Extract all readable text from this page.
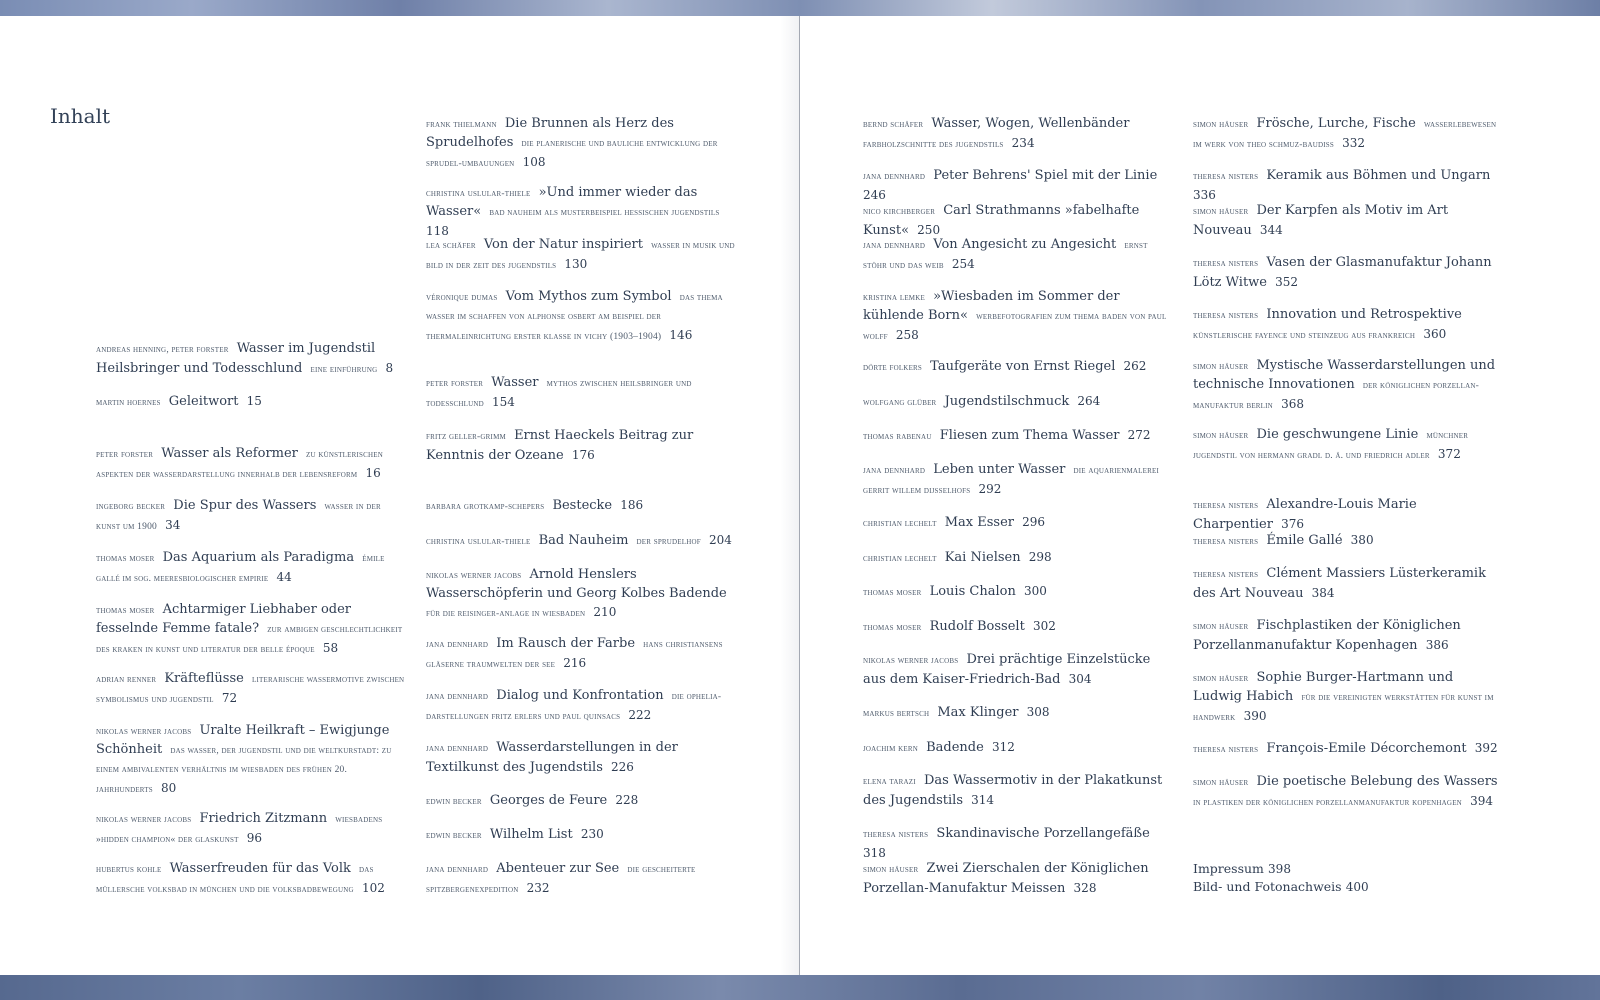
Inhalt
andreas henning, peter forster Wasser im Jugendstil Heilsbringer und Todesschlund eine einführung 8
martin hoernes Geleitwort 15
peter forster Wasser als Reformer zu künstlerischen aspekten der wasserdarstellung innerhalb der lebensreform 16
ingeborg becker Die Spur des Wassers wasser in der kunst um 1900 34
thomas moser Das Aquarium als Paradigma émile gallé im sog. meeresbiologischer empirie 44
thomas moser Achtarmiger Liebhaber oder fesselnde Femme fatale? zur ambigen geschlechtlichkeit des kraken in kunst und literatur der belle époque 58
adrian renner Kräfteflüsse literarische wassermotive zwischen symbolismus und jugendstil 72
nikolas werner jacobs Uralte Heilkraft – Ewigjunge Schönheit das wasser, der jugendstil und die weltkurstadt: zu einem ambivalenten verhältnis im wiesbaden des frühen 20. jahrhunderts 80
nikolas werner jacobs Friedrich Zitzmann wiesbadens »hidden champion« der glaskunst 96
hubertus kohle Wasserfreuden für das Volk das müllersche volksbad in münchen und die volksbadbewegung 102
frank thielmann Die Brunnen als Herz des Sprudelhofes die planerische und bauliche entwicklung der sprudel-umbauungen 108
christina uslular-thiele »Und immer wieder das Wasser« bad nauheim als musterbeispiel hessischen jugendstils 118
lea schäfer Von der Natur inspiriert wasser in musik und bild in der zeit des jugendstils 130
véronique dumas Vom Mythos zum Symbol das thema wasser im schaffen von alphonse osbert am beispiel der thermaleinrichtung erster klasse in vichy (1903–1904) 146
peter forster Wasser mythos zwischen heilsbringer und todesschlund 154
fritz geller-grimm Ernst Haeckels Beitrag zur Kenntnis der Ozeane 176
barbara grotkamp-schepers Bestecke 186
christina uslular-thiele Bad Nauheim der sprudelhof 204
nikolas werner jacobs Arnold Henslers Wasserschöpferin und Georg Kolbes Badende für die reisinger-anlage in wiesbaden 210
jana dennhard Im Rausch der Farbe hans christiansens gläserne traumwelten der see 216
jana dennhard Dialog und Konfrontation die ophelia-darstellungen fritz erlers und paul quinsacs 222
jana dennhard Wasserdarstellungen in der Textilkunst des Jugendstils 226
edwin becker Georges de Feure 228
edwin becker Wilhelm List 230
jana dennhard Abenteuer zur See die gescheiterte spitzbergenexpedition 232
bernd schäfer Wasser, Wogen, Wellenbänder farbholzschnitte des jugendstils 234
jana dennhard Peter Behrens' Spiel mit der Linie 246
nico kirchberger Carl Strathmanns »fabelhafte Kunst« 250
jana dennhard Von Angesicht zu Angesicht ernst stöhr und das weib 254
kristina lemke »Wiesbaden im Sommer der kühlende Born« werbefotografien zum thema baden von paul wolff 258
dörte folkers Taufgeräte von Ernst Riegel 262
wolfgang glüber Jugendstilschmuck 264
thomas rabenau Fliesen zum Thema Wasser 272
jana dennhard Leben unter Wasser die aquarienmalerei gerrit willem dijsselhofs 292
christian lechelt Max Esser 296
christian lechelt Kai Nielsen 298
thomas moser Louis Chalon 300
thomas moser Rudolf Bosselt 302
nikolas werner jacobs Drei prächtige Einzelstücke aus dem Kaiser-Friedrich-Bad 304
markus bertsch Max Klinger 308
joachim kern Badende 312
elena tarazi Das Wassermotiv in der Plakatkunst des Jugendstils 314
theresa nisters Skandinavische Porzellangefäße 318
simon häuser Zwei Zierschalen der Königlichen Porzellan-Manufaktur Meissen 328
simon häuser Frösche, Lurche, Fische wasserlebewesen im werk von theo schmuz-baudiss 332
theresa nisters Keramik aus Böhmen und Ungarn 336
simon häuser Der Karpfen als Motiv im Art Nouveau 344
theresa nisters Vasen der Glasmanufaktur Johann Lötz Witwe 352
theresa nisters Innovation und Retrospektive künstlerische fayence und steinzeug aus frankreich 360
simon häuser Mystische Wasserdarstellungen und technische Innovationen der königlichen porzellan-manufaktur berlin 368
simon häuser Die geschwungene Linie münchner jugendstil von hermann gradl d. ä. und friedrich adler 372
theresa nisters Alexandre-Louis Marie Charpentier 376
theresa nisters Émile Gallé 380
theresa nisters Clément Massiers Lüsterkeramik des Art Nouveau 384
simon häuser Fischplastiken der Königlichen Porzellanmanufaktur Kopenhagen 386
simon häuser Sophie Burger-Hartmann und Ludwig Habich für die vereinigten werkstätten für kunst im handwerk 390
theresa nisters François-Emile Décorchemont 392
simon häuser Die poetische Belebung des Wassers in plastiken der königlichen porzellanmanufaktur kopenhagen 394
Impressum 398
Bild- und Fotonachweis 400
